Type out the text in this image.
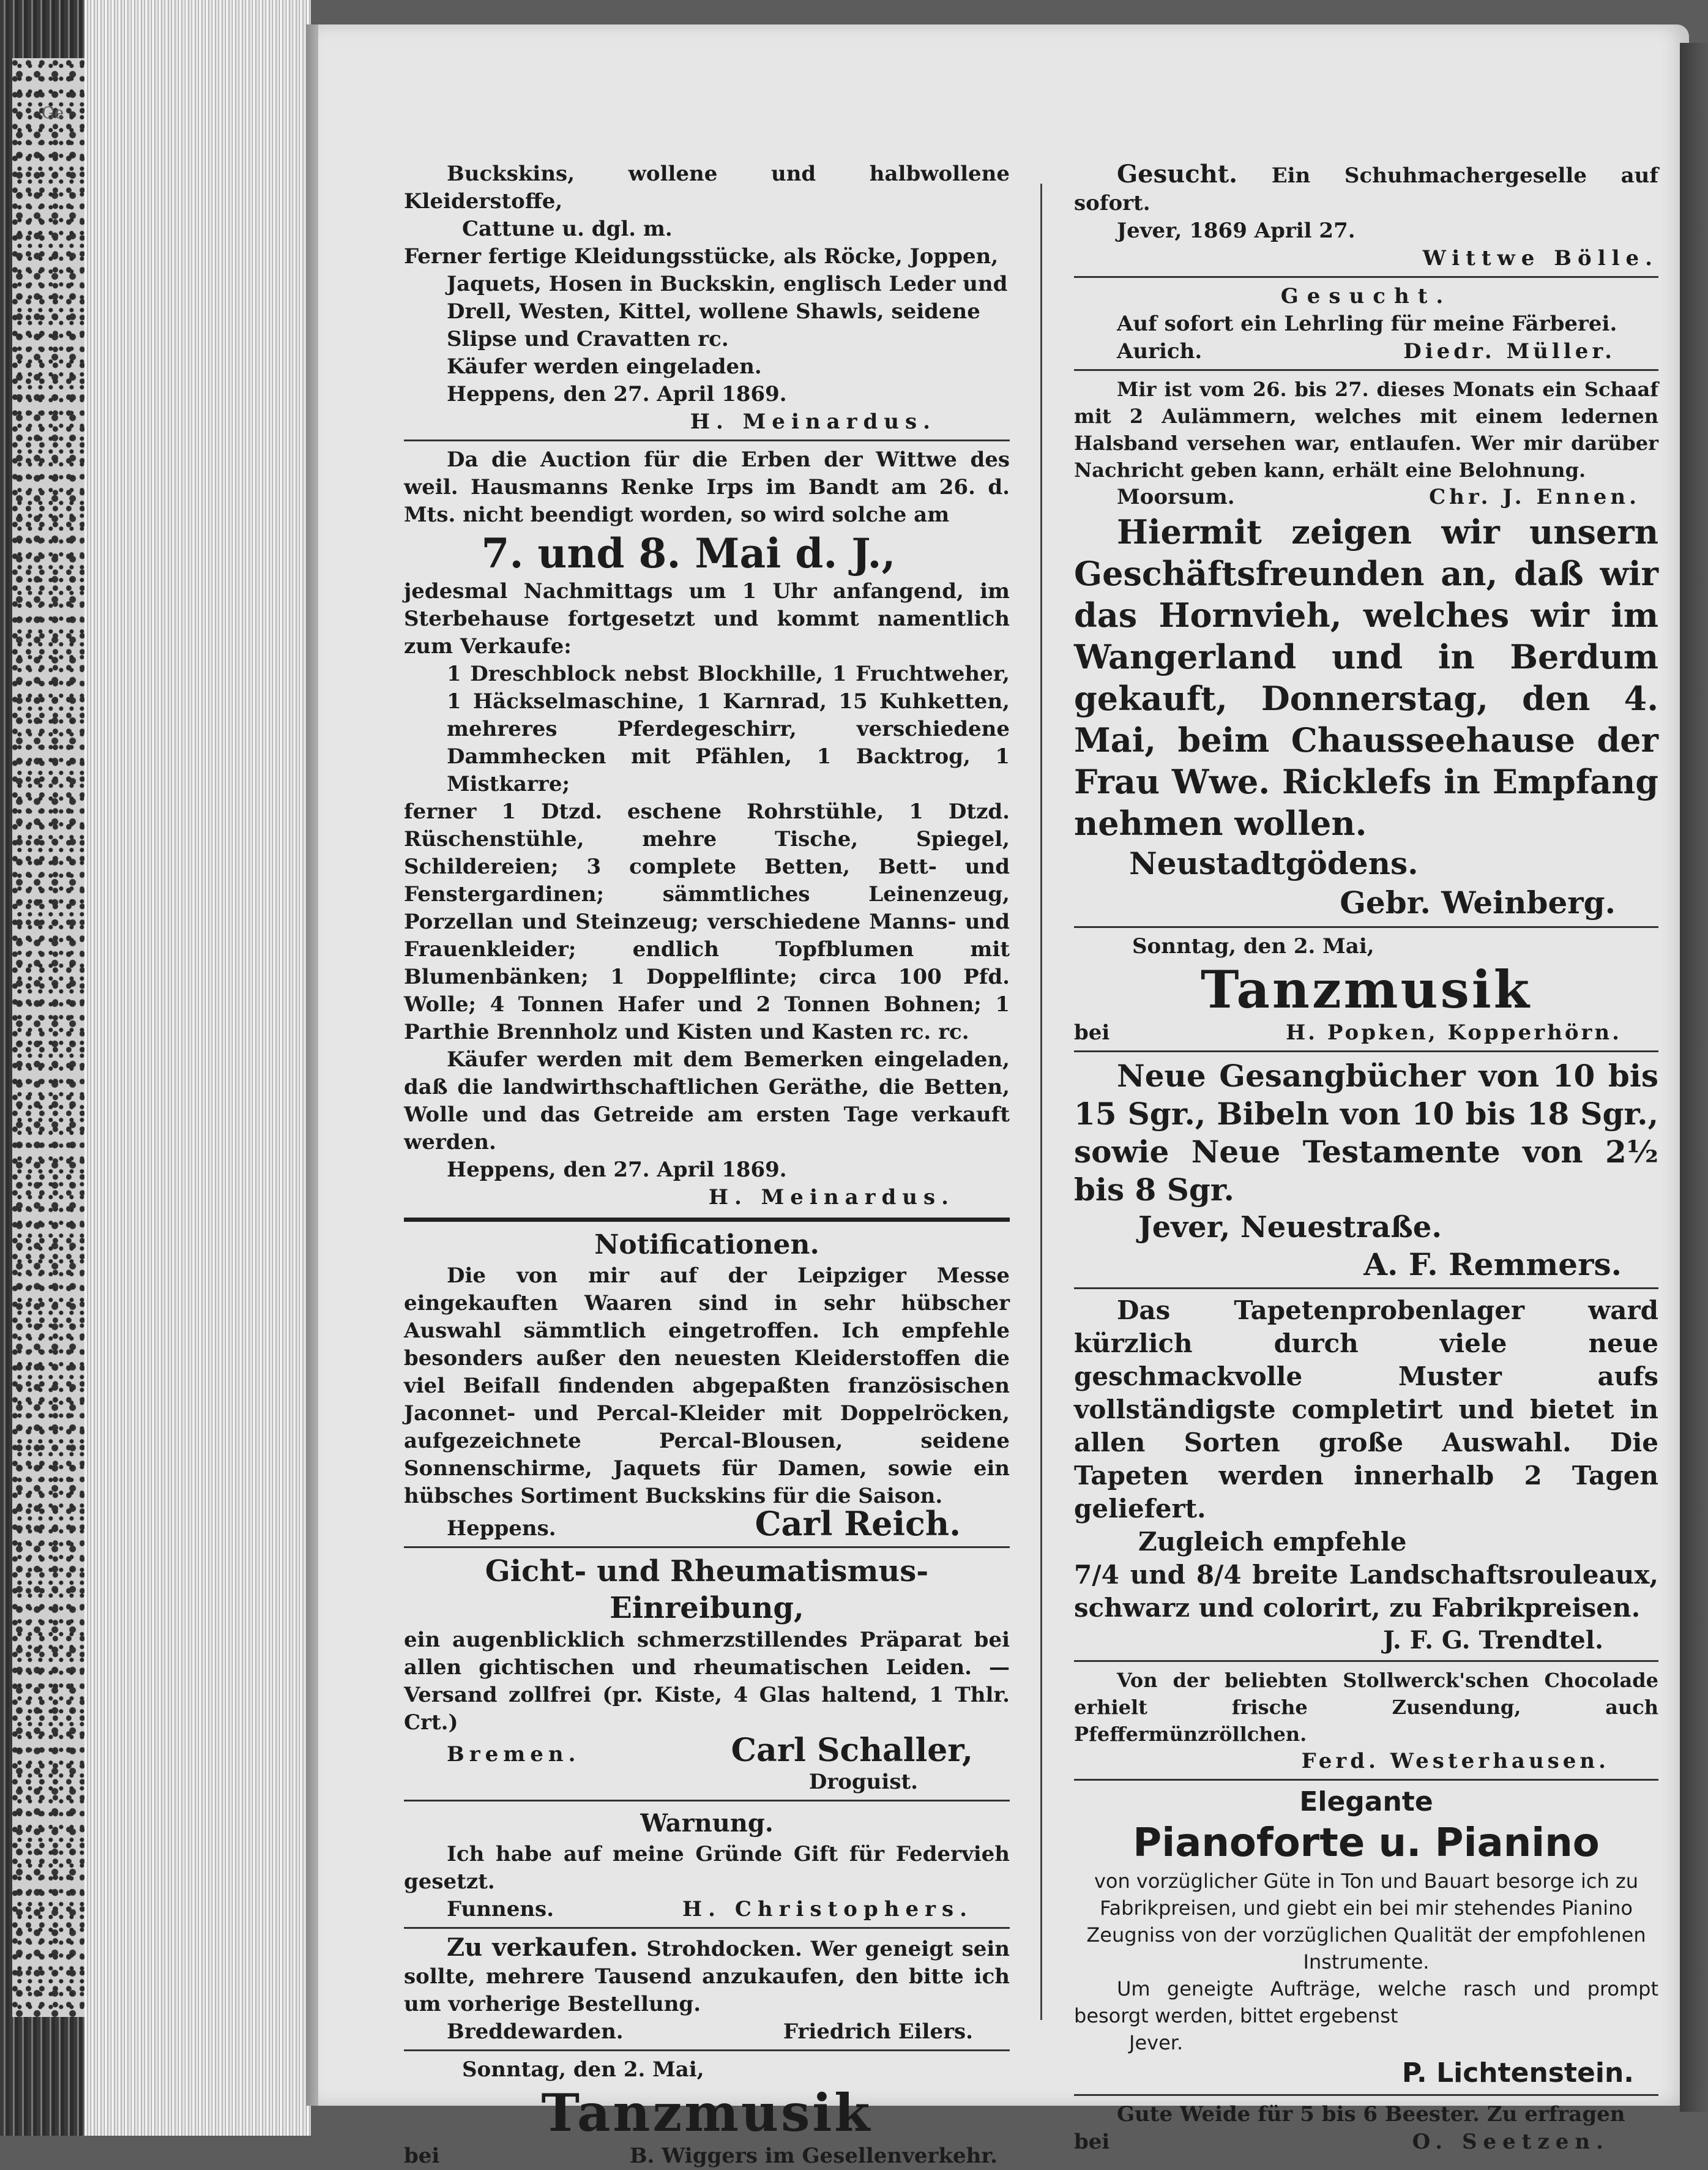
Ge

Buckskins, wollene und halbwollene Kleiderstoffe,

Cattune u. dgl. m.

Ferner fertige Kleidungsstücke, als Röcke, Joppen,

Jaquets, Hosen in Buckskin, englisch Leder und

Drell, Westen, Kittel, wollene Shawls, seidene

Slipse und Cravatten rc.

Käufer werden eingeladen.

Heppens, den 27. April 1869.

H. Meinardus.

Da die Auction für die Erben der Wittwe des weil. Hausmanns Renke Irps im Bandt am 26. d. Mts. nicht beendigt worden, so wird solche am

7. und 8. Mai d. J.,

jedesmal Nachmittags um 1 Uhr anfangend, im Sterbehause fortgesetzt und kommt namentlich zum Verkaufe:

1 Dreschblock nebst Blockhille, 1 Fruchtweher, 1 Häckselmaschine, 1 Karnrad, 15 Kuhketten, mehreres Pferdegeschirr, verschiedene Dammhecken mit Pfählen, 1 Backtrog, 1 Mistkarre;

ferner 1 Dtzd. eschene Rohrstühle, 1 Dtzd. Rüschenstühle, mehre Tische, Spiegel, Schildereien; 3 complete Betten, Bett- und Fenstergardinen; sämmtliches Leinenzeug, Porzellan und Steinzeug; verschiedene Manns- und Frauenkleider; endlich Topfblumen mit Blumenbänken; 1 Doppelflinte; circa 100 Pfd. Wolle; 4 Tonnen Hafer und 2 Tonnen Bohnen; 1 Parthie Brennholz und Kisten und Kasten rc. rc.

Käufer werden mit dem Bemerken eingeladen, daß die landwirthschaftlichen Geräthe, die Betten, Wolle und das Getreide am ersten Tage verkauft werden.

Heppens, den 27. April 1869.

H. Meinardus.

Notificationen.

Die von mir auf der Leipziger Messe eingekauften Waaren sind in sehr hübscher Auswahl sämmtlich eingetroffen. Ich empfehle besonders außer den neuesten Kleiderstoffen die viel Beifall findenden abgepaßten französischen Jaconnet- und Percal-Kleider mit Doppelröcken, aufgezeichnete Percal-Blousen, seidene Sonnenschirme, Jaquets für Damen, sowie ein hübsches Sortiment Buckskins für die Saison.

Heppens.	Carl Reich.

Gicht- und Rheumatismus-Einreibung,

ein augenblicklich schmerzstillendes Präparat bei allen gichtischen und rheumatischen Leiden. — Versand zollfrei (pr. Kiste, 4 Glas haltend, 1 Thlr. Crt.)

Bremen.	Carl Schaller,

Droguist.

Warnung.

Ich habe auf meine Gründe Gift für Federvieh gesetzt.

Funnens.	H. Christophers.

Zu verkaufen. Strohdocken. Wer geneigt sein sollte, mehrere Tausend anzukaufen, den bitte ich um vorherige Bestellung.

Breddewarden.	Friedrich Eilers.

Sonntag, den 2. Mai,

Tanzmusik

bei	B. Wiggers im Gesellenverkehr.

Gesucht. Ein Schuhmachergeselle auf sofort.

Jever, 1869 April 27.

Wittwe Bölle.

Gesucht.

Auf sofort ein Lehrling für meine Färberei.

Aurich.	Diedr. Müller.

Mir ist vom 26. bis 27. dieses Monats ein Schaaf mit 2 Aulämmern, welches mit einem ledernen Halsband versehen war, entlaufen. Wer mir darüber Nachricht geben kann, erhält eine Belohnung.

Moorsum.	Chr. J. Ennen.

Hiermit zeigen wir unsern Geschäftsfreunden an, daß wir das Hornvieh, welches wir im Wangerland und in Berdum gekauft, Donnerstag, den 4. Mai, beim Chausseehause der Frau Wwe. Ricklefs in Empfang nehmen wollen.

Neustadtgödens.

Gebr. Weinberg.

Sonntag, den 2. Mai,

Tanzmusik

bei	H. Popken, Kopperhörn.

Neue Gesangbücher von 10 bis 15 Sgr., Bibeln von 10 bis 18 Sgr., sowie Neue Testamente von 2½ bis 8 Sgr.

Jever, Neuestraße.

A. F. Remmers.

Das Tapetenprobenlager ward kürzlich durch viele neue geschmackvolle Muster aufs vollständigste completirt und bietet in allen Sorten große Auswahl. Die Tapeten werden innerhalb 2 Tagen geliefert.

Zugleich empfehle

7/4 und 8/4 breite Landschaftsrouleaux, schwarz und colorirt, zu Fabrikpreisen.

J. F. G. Trendtel.

Von der beliebten Stollwerck'schen Chocolade erhielt frische Zusendung, auch Pfeffermünzröllchen.

Ferd. Westerhausen.

Elegante

Pianoforte u. Pianino

von vorzüglicher Güte in Ton und Bauart besorge ich zu Fabrikpreisen, und giebt ein bei mir stehendes Pianino Zeugniss von der vorzüglichen Qualität der empfohlenen Instrumente.

Um geneigte Aufträge, welche rasch und prompt besorgt werden, bittet ergebenst

Jever.

P. Lichtenstein.

Gute Weide für 5 bis 6 Beester. Zu erfragen

bei	O. Seetzen.
